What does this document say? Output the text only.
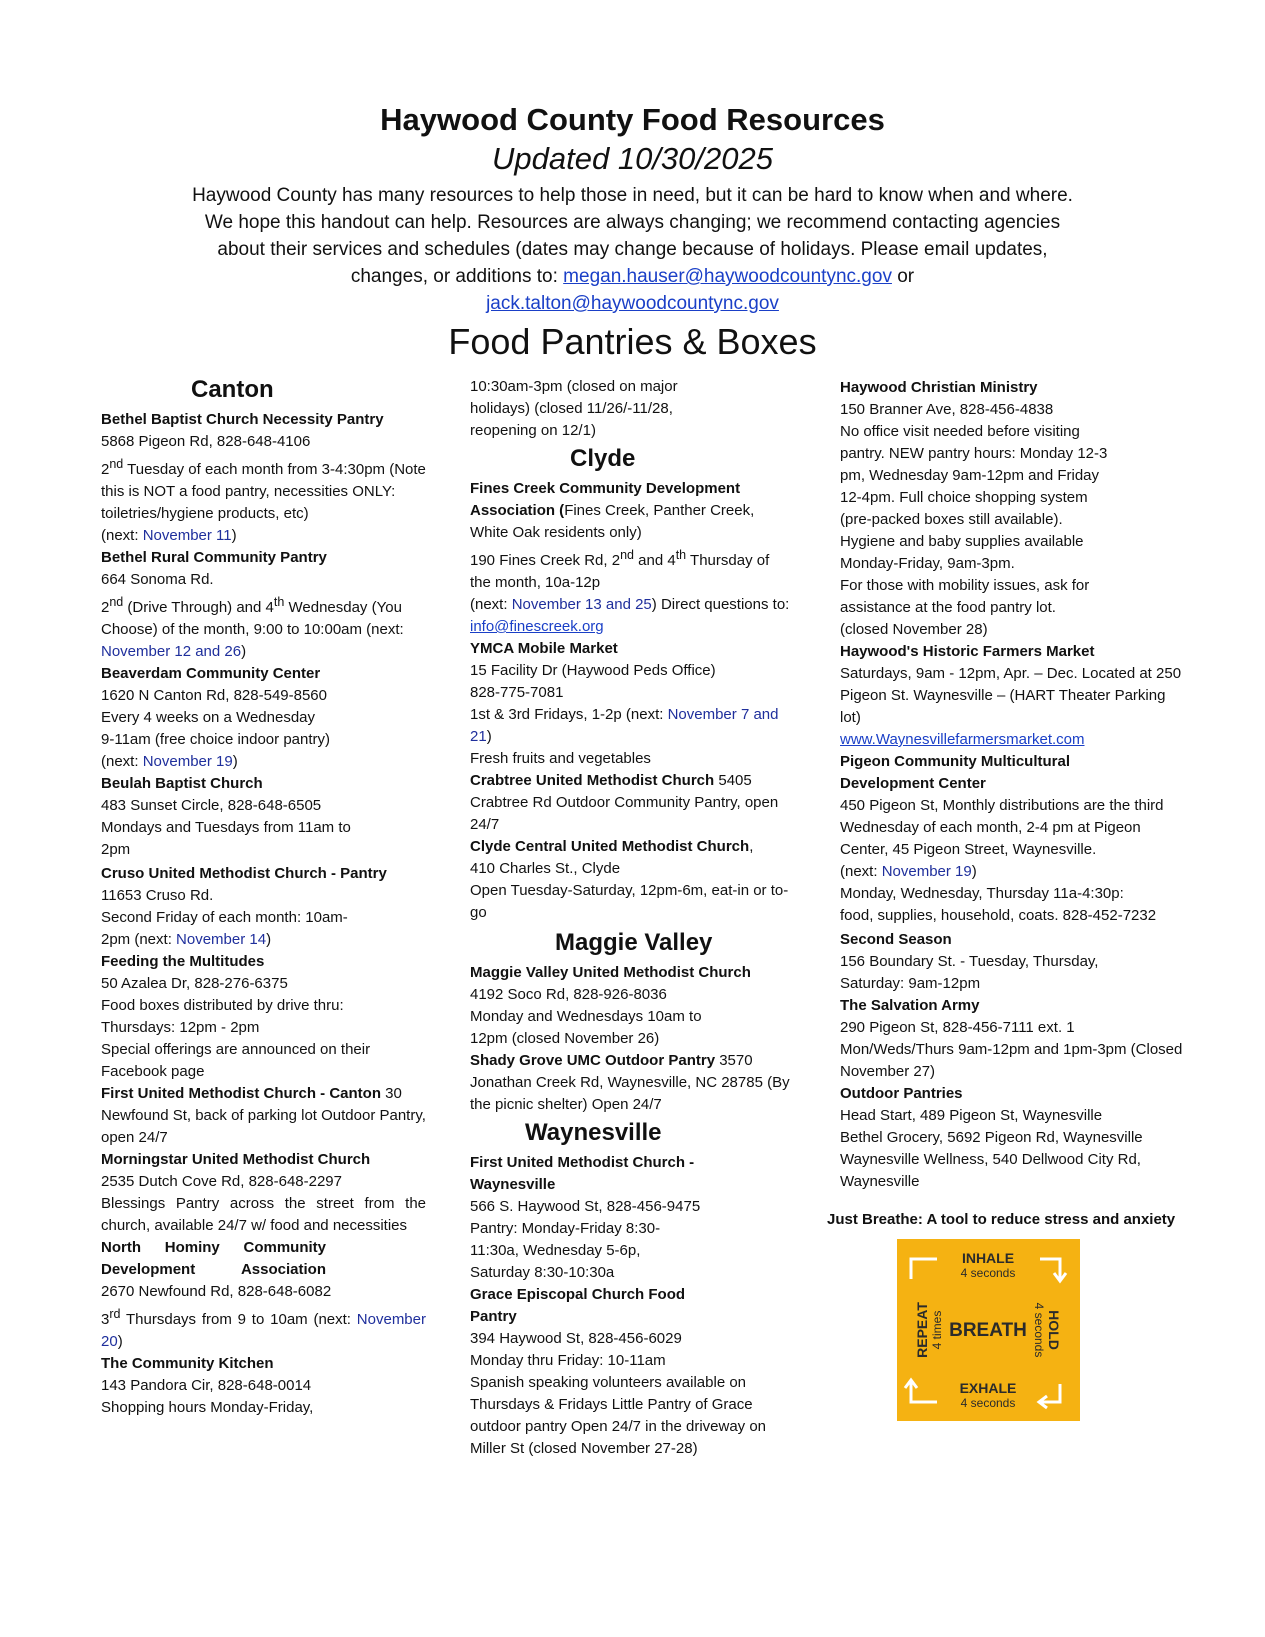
Haywood County Food Resources

Updated 10/30/2025

Haywood County has many resources to help those in need, but it can be hard to know when and where. We hope this handout can help. Resources are always changing; we recommend contacting agencies about their services and schedules (dates may change because of holidays. Please email updates, changes, or additions to: megan.hauser@haywoodcountync.gov or
jack.talton@haywoodcountync.gov

Food Pantries & Boxes

Canton

Bethel Baptist Church Necessity Pantry
5868 Pigeon Rd, 828-648-4106
2nd Tuesday of each month from 3-4:30pm (Note this is NOT a food pantry, necessities ONLY: toiletries/hygiene products, etc)
(next: November 11)
Bethel Rural Community Pantry
664 Sonoma Rd.
2nd (Drive Through) and 4th Wednesday (You Choose) of the month, 9:00 to 10:00am (next: November 12 and 26)
Beaverdam Community Center
1620 N Canton Rd, 828-549-8560
Every 4 weeks on a Wednesday
9-11am (free choice indoor pantry)
(next: November 19)
Beulah Baptist Church
483 Sunset Circle, 828-648-6505
Mondays and Tuesdays from 11am to 2pm
Cruso United Methodist Church - Pantry
11653 Cruso Rd.
Second Friday of each month: 10am-2pm (next: November 14)
Feeding the Multitudes
50 Azalea Dr, 828-276-6375
Food boxes distributed by drive thru: Thursdays: 12pm - 2pm
Special offerings are announced on their Facebook page
First United Methodist Church - Canton 30 Newfound St, back of parking lot Outdoor Pantry, open 24/7
Morningstar United Methodist Church
2535 Dutch Cove Rd, 828-648-2297
Blessings Pantry across the street from the church, available 24/7 w/ food and necessities
North Hominy Community Development Association
2670 Newfound Rd, 828-648-6082
3rd Thursdays from 9 to 10am (next: November 20)
The Community Kitchen
143 Pandora Cir, 828-648-0014
Shopping hours Monday-Friday,
10:30am-3pm (closed on major holidays) (closed 11/26/-11/28, reopening on 12/1)

Clyde

Fines Creek Community Development Association (Fines Creek, Panther Creek, White Oak residents only)
190 Fines Creek Rd, 2nd and 4th Thursday of the month, 10a-12p
(next: November 13 and 25) Direct questions to: info@finescreek.org
YMCA Mobile Market
15 Facility Dr (Haywood Peds Office)
828-775-7081
1st & 3rd Fridays, 1-2p (next: November 7 and 21)
Fresh fruits and vegetables
Crabtree United Methodist Church 5405 Crabtree Rd Outdoor Community Pantry, open 24/7
Clyde Central United Methodist Church,
410 Charles St., Clyde
Open Tuesday-Saturday, 12pm-6m, eat-in or to-go

Maggie Valley

Maggie Valley United Methodist Church
4192 Soco Rd, 828-926-8036
Monday and Wednesdays 10am to 12pm (closed November 26)
Shady Grove UMC Outdoor Pantry 3570 Jonathan Creek Rd, Waynesville, NC 28785 (By the picnic shelter) Open 24/7

Waynesville

First United Methodist Church - Waynesville
566 S. Haywood St, 828-456-9475
Pantry: Monday-Friday 8:30-11:30a, Wednesday 5-6p,
Saturday 8:30-10:30a
Grace Episcopal Church Food Pantry
394 Haywood St, 828-456-6029
Monday thru Friday: 10-11am
Spanish speaking volunteers available on Thursdays & Fridays Little Pantry of Grace outdoor pantry Open 24/7 in the driveway on Miller St (closed November 27-28)
Haywood Christian Ministry
150 Branner Ave, 828-456-4838
No office visit needed before visiting pantry. NEW pantry hours: Monday 12-3 pm, Wednesday 9am-12pm and Friday 12-4pm. Full choice shopping system (pre-packed boxes still available). Hygiene and baby supplies available Monday-Friday, 9am-3pm.
For those with mobility issues, ask for assistance at the food pantry lot.
(closed November 28)
Haywood's Historic Farmers Market
Saturdays, 9am - 12pm, Apr. – Dec. Located at 250 Pigeon St. Waynesville – (HART Theater Parking lot)
www.Waynesvillefarmersmarket.com
Pigeon Community Multicultural Development Center
450 Pigeon St, Monthly distributions are the third Wednesday of each month, 2-4 pm at Pigeon Center, 45 Pigeon Street, Waynesville.
(next: November 19)
Monday, Wednesday, Thursday 11a-4:30p: food, supplies, household, coats. 828-452-7232
Second Season
156 Boundary St. - Tuesday, Thursday, Saturday: 9am-12pm
The Salvation Army
290 Pigeon St, 828-456-7111 ext. 1
Mon/Weds/Thurs 9am-12pm and 1pm-3pm (Closed November 27)
Outdoor Pantries
Head Start, 489 Pigeon St, Waynesville
Bethel Grocery, 5692 Pigeon Rd, Waynesville
Waynesville Wellness, 540 Dellwood City Rd, Waynesville
Just Breathe: A tool to reduce stress and anxiety
INHALE
4 seconds
EXHALE
4 seconds
BREATH
REPEAT 4 times	HOLD
4 seconds
